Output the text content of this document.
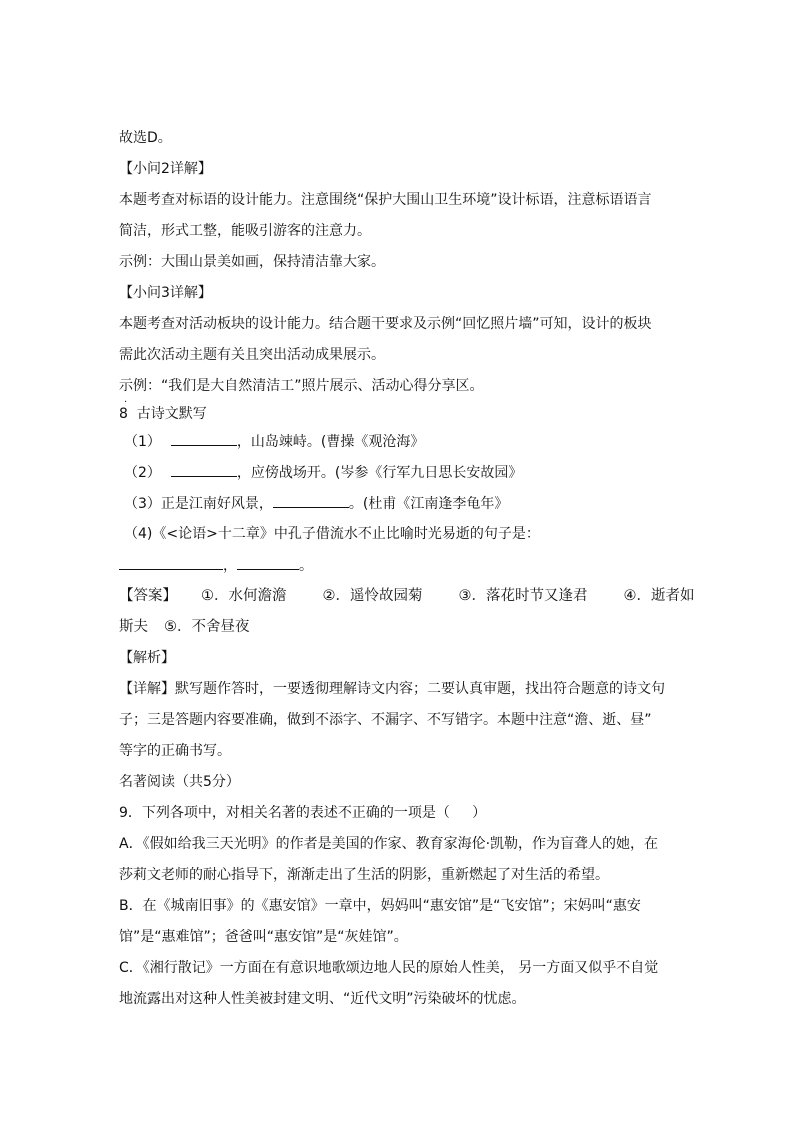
故选D。
【小问2详解】
本题考查对标语的设计能力。注意围绕“保护大围山卫生环境”设计标语，注意标语语言
简洁，形式工整，能吸引游客的注意力。
示例：大围山景美如画，保持清洁靠大家。
【小问3详解】
本题考查对活动板块的设计能力。结合题干要求及示例“回忆照片墙”可知，设计的板块
需此次活动主题有关且突出活动成果展示。
示例：“我们是大自然清洁工”照片展示、活动心得分享区。
8  古诗文默写
·
（1）	，山岛竦峙。(曹操《观沧海》
（2）	，应傍战场开。(岑参《行军九日思长安故园》
（3）正是江南好风景，	。(杜甫《江南逢李龟年》
（4)《<论语>十二章》中孔子借流水不止比喻时光易逝的句子是：
，	。
【答案】 ①．水何澹澹 ②．遥怜故园菊 ③．落花时节又逢君 ④．逝者如
斯夫 ⑤．不舍昼夜
【解析】
【详解】默写题作答时，一要透彻理解诗文内容；二要认真审题，找出符合题意的诗文句
子；三是答题内容要准确，做到不添字、不漏字、不写错字。本题中注意“澹、逝、昼”
等字的正确书写。
名著阅读（共5分）
9．下列各项中，对相关名著的表述不正确的一项是（     ）
A．《假如给我三天光明》的作者是美国的作家、教育家海伦·凯勒，作为盲聋人的她，在
莎莉文老师的耐心指导下，渐渐走出了生活的阴影，重新燃起了对生活的希望。
B．在《城南旧事》的《惠安馆》一章中，妈妈叫“惠安馆”是“飞安馆”；宋妈叫“惠安
馆”是“惠难馆”；爸爸叫“惠安馆”是“灰娃馆”。
C．《湘行散记》一方面在有意识地歌颂边地人民的原始人性美， 另一方面又似乎不自觉
地流露出对这种人性美被封建文明、“近代文明”污染破坏的忧虑。
